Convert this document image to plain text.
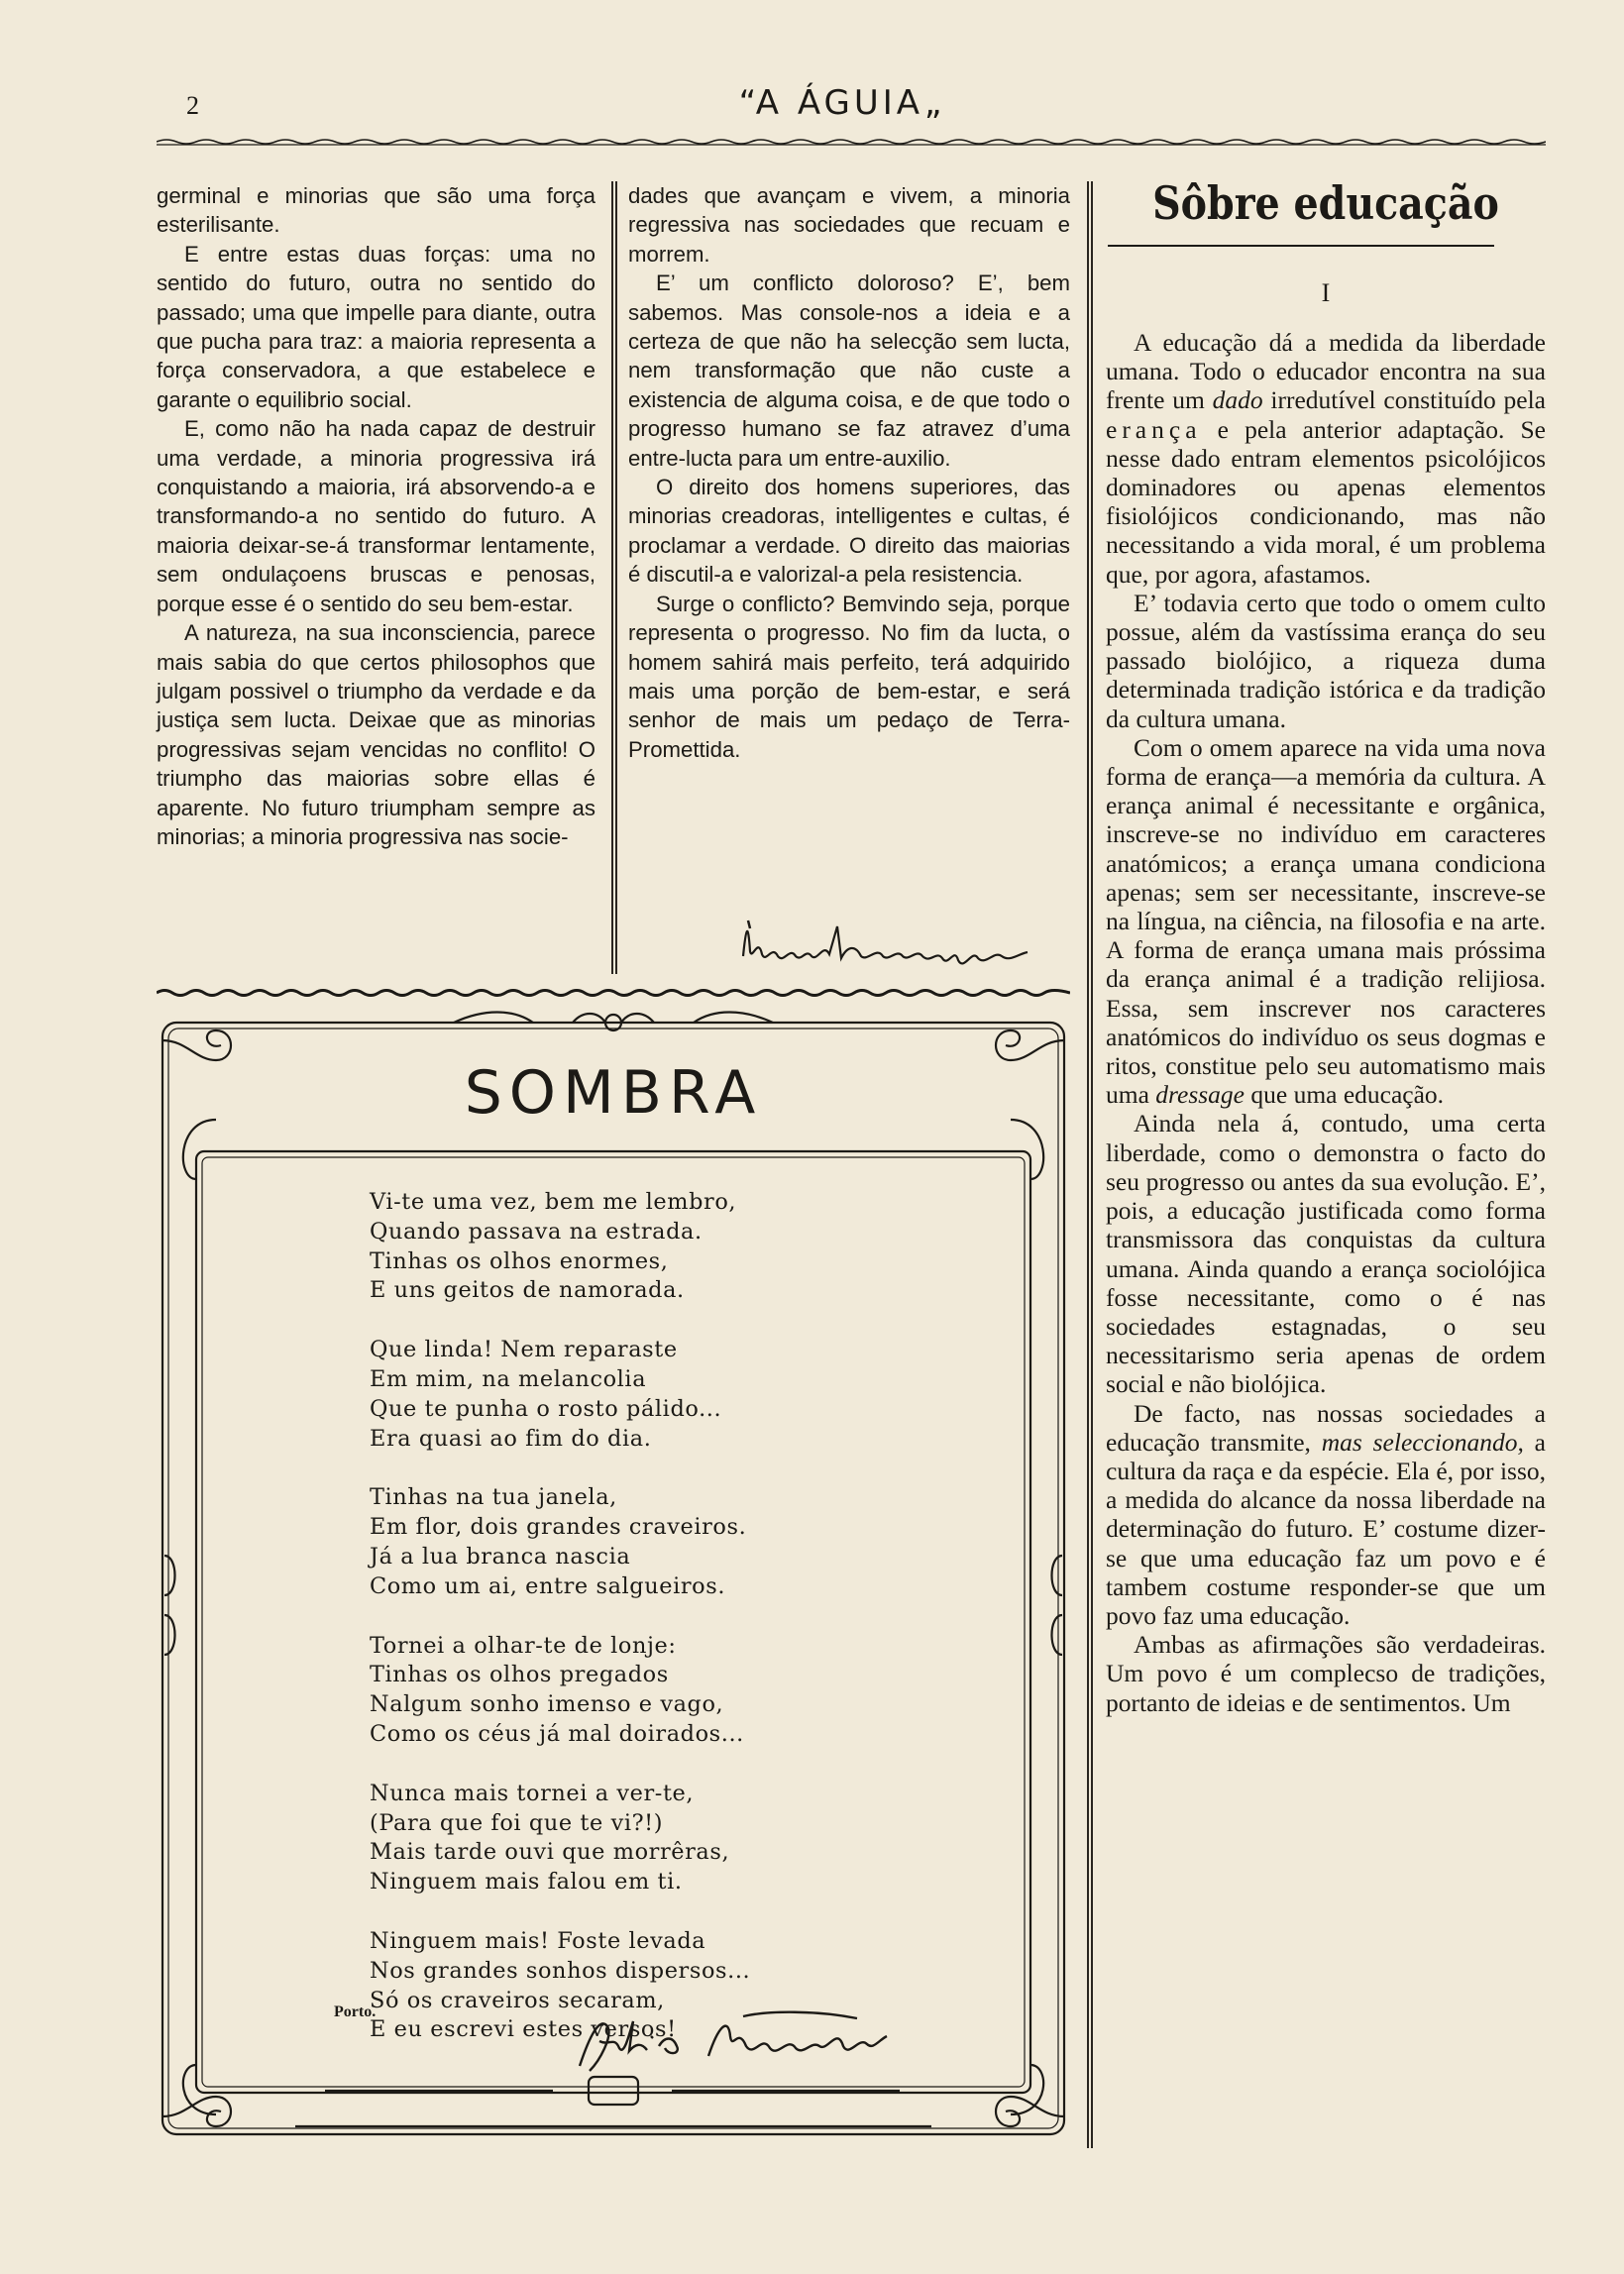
2	“A ÁGUIA„

germinal e minorias que são uma força esterilisante.

E entre estas duas forças: uma no sentido do futuro, outra no sentido do passado; uma que impelle para diante, outra que pucha para traz: a maioria representa a força conservadora, a que estabelece e garante o equilibrio social.

E, como não ha nada capaz de destruir uma verdade, a minoria progressiva irá conquistando a maioria, irá absorvendo-a e transformando-a no sentido do futuro. A maioria deixar-se-á transformar lentamente, sem ondulaçoens bruscas e penosas, porque esse é o sentido do seu bem-estar.

A natureza, na sua inconsciencia, parece mais sabia do que certos philosophos que julgam possivel o triumpho da verdade e da justiça sem lucta. Deixae que as minorias progressivas sejam vencidas no conflito! O triumpho das maiorias sobre ellas é aparente. No futuro triumpham sempre as minorias; a minoria progressiva nas socie-

dades que avançam e vivem, a minoria regressiva nas sociedades que recuam e morrem.

E’ um conflicto doloroso? E’, bem sabemos. Mas console-nos a ideia e a certeza de que não ha selecção sem lucta, nem transformação que não custe a existencia de alguma coisa, e de que todo o progresso humano se faz atravez d’uma entre-lucta para um entre-auxilio.

O direito dos homens superiores, das minorias creadoras, intelligentes e cultas, é proclamar a verdade. O direito das maiorias é discutil-a e valorizal-a pela resistencia.

Surge o conflicto? Bemvindo seja, porque representa o progresso. No fim da lucta, o homem sahirá mais perfeito, terá adquirido mais uma porção de bem-estar, e será senhor de mais um pedaço de Terra-Promettida.

SOMBRA
Vi-te uma vez, bem me lembro,
Quando passava na estrada.
Tinhas os olhos enormes,
E uns geitos de namorada.
Que linda! Nem reparaste
Em mim, na melancolia
Que te punha o rosto pálido...
Era quasi ao fim do dia.
Tinhas na tua janela,
Em flor, dois grandes craveiros.
Já a lua branca nascia
Como um ai, entre salgueiros.
Tornei a olhar-te de lonje:
Tinhas os olhos pregados
Nalgum sonho imenso e vago,
Como os céus já mal doirados...
Nunca mais tornei a ver-te,
(Para que foi que te vi?!)
Mais tarde ouvi que morrêras,
Ninguem mais falou em ti.
Ninguem mais! Foste levada
Nos grandes sonhos dispersos...
Só os craveiros secaram,
E eu escrevi estes versos!
Porto.
Sôbre educação
I

A educação dá a medida da liberdade umana. Todo o educador encontra na sua frente um dado irredutível constituído pela erança e pela anterior adaptação. Se nesse dado entram elementos psicolójicos dominadores ou apenas elementos fisiolójicos condicionando, mas não necessitando a vida moral, é um problema que, por agora, afastamos.

E’ todavia certo que todo o omem culto possue, além da vastíssima erança do seu passado biolójico, a riqueza duma determinada tradição istórica e da tradição da cultura umana.

Com o omem aparece na vida uma nova forma de erança—a memória da cultura. A erança animal é necessitante e orgânica, inscreve-se no indivíduo em caracteres anatómicos; a erança umana condiciona apenas; sem ser necessitante, inscreve-se na língua, na ciência, na filosofia e na arte. A forma de erança umana mais próssima da erança animal é a tradição relijiosa. Essa, sem inscrever nos caracteres anatómicos do indivíduo os seus dogmas e ritos, constitue pelo seu automatismo mais uma dressage que uma educação.

Ainda nela á, contudo, uma certa liberdade, como o demonstra o facto do seu progresso ou antes da sua evolução. E’, pois, a educação justificada como forma transmissora das conquistas da cultura umana. Ainda quando a erança sociolójica fosse necessitante, como o é nas sociedades estagnadas, o seu necessitarismo seria apenas de ordem social e não biolójica.

De facto, nas nossas sociedades a educação transmite, mas seleccionando, a cultura da raça e da espécie. Ela é, por isso, a medida do alcance da nossa liberdade na determinação do futuro. E’ costume dizer-se que uma educação faz um povo e é tambem costume responder-se que um povo faz uma educação.

Ambas as afirmações são verdadeiras. Um povo é um complecso de tradições, portanto de ideias e de sentimentos. Um
